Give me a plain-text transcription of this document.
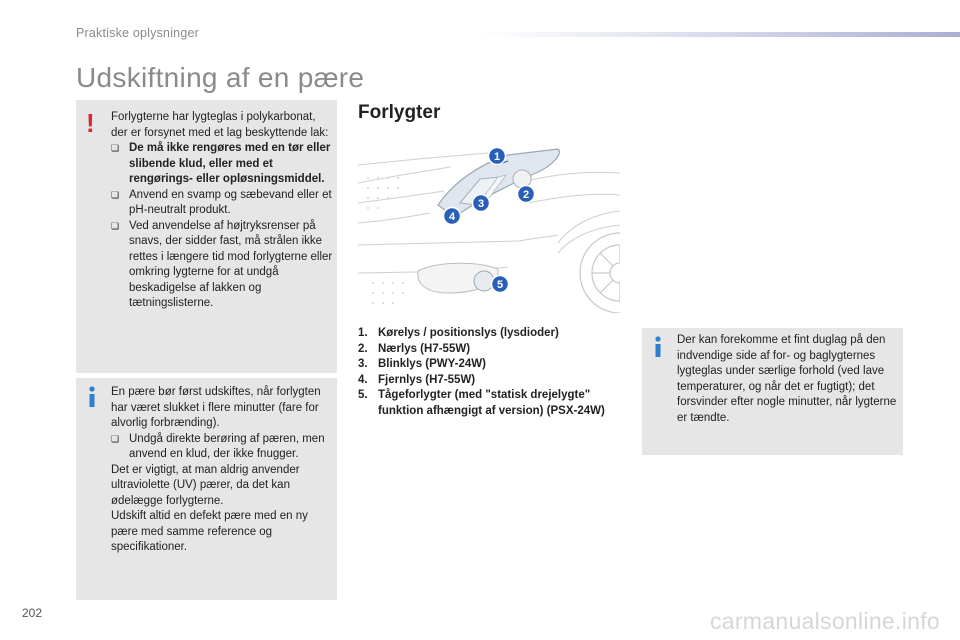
Praktiske oplysninger
Udskiftning af en pære
! Forlygterne har lygteglas i polykarbonat, der er forsynet med et lag beskyttende lak:
❏ De må ikke rengøres med en tør eller slibende klud, eller med et rengørings- eller opløsningsmiddel.
❏ Anvend en svamp og sæbevand eller et pH-neutralt produkt.
❏ Ved anvendelse af højtryksrenser på snavs, der sidder fast, må strålen ikke rettes i længere tid mod forlygterne eller omkring lygterne for at undgå beskadigelse af lakken og tætningslisterne.
En pære bør først udskiftes, når forlygten har været slukket i flere minutter (fare for alvorlig forbrænding).
❏ Undgå direkte berøring af pæren, men anvend en klud, der ikke fnugger.
Det er vigtigt, at man aldrig anvender ultraviolette (UV) pærer, da det kan ødelægge forlygterne.
Udskift altid en defekt pære med en ny pære med samme reference og specifikationer.
Forlygter
1
2
3
4
5
1. Kørelys / positionslys (lysdioder)
2. Nærlys (H7-55W)
3. Blinklys (PWY-24W)
4. Fjernlys (H7-55W)
5. Tågeforlygter (med "statisk drejelygte" funktion afhængigt af version) (PSX-24W)
Der kan forekomme et fint duglag på den indvendige side af for- og baglygternes lygteglas under særlige forhold (ved lave temperaturer, og når det er fugtigt); det forsvinder efter nogle minutter, når lygterne er tændte.
202	carmanualsonline.info
